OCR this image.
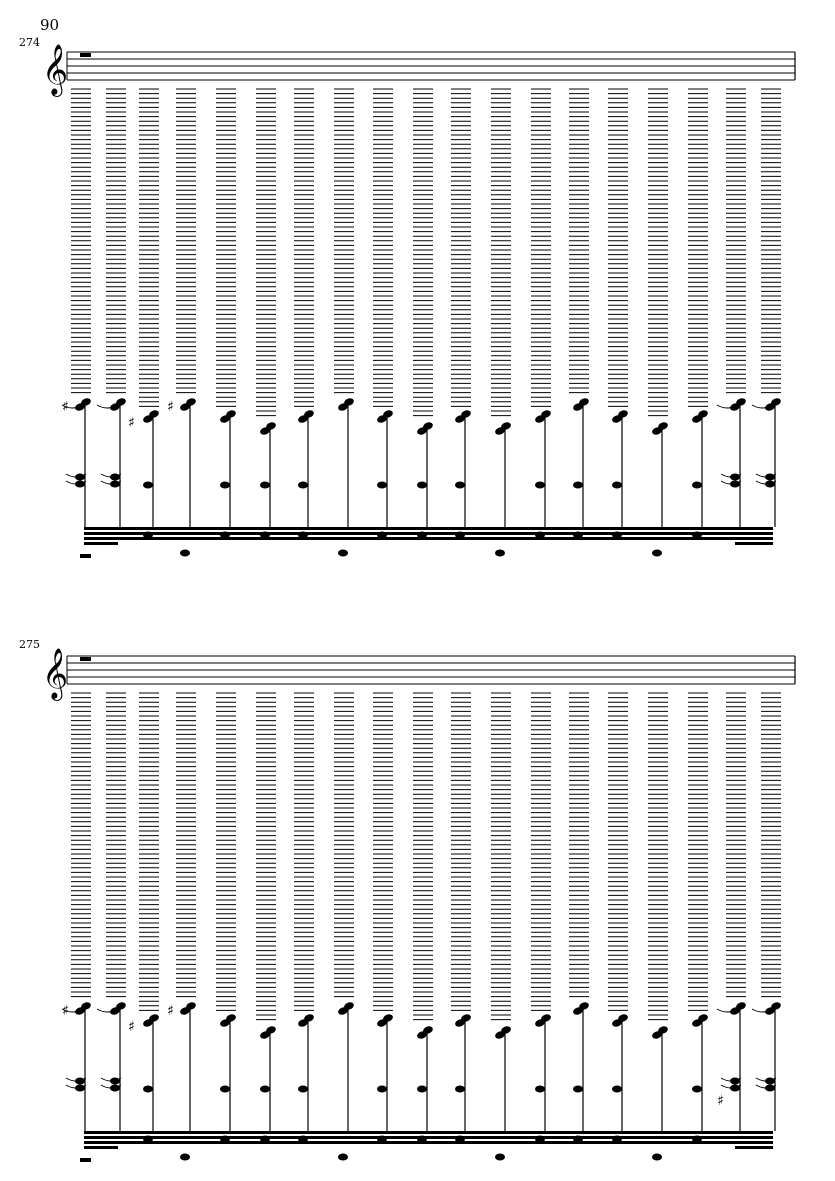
90
274
275
𝄞
♯
♯
♯
𝄞
♯
♯
♯
♯
